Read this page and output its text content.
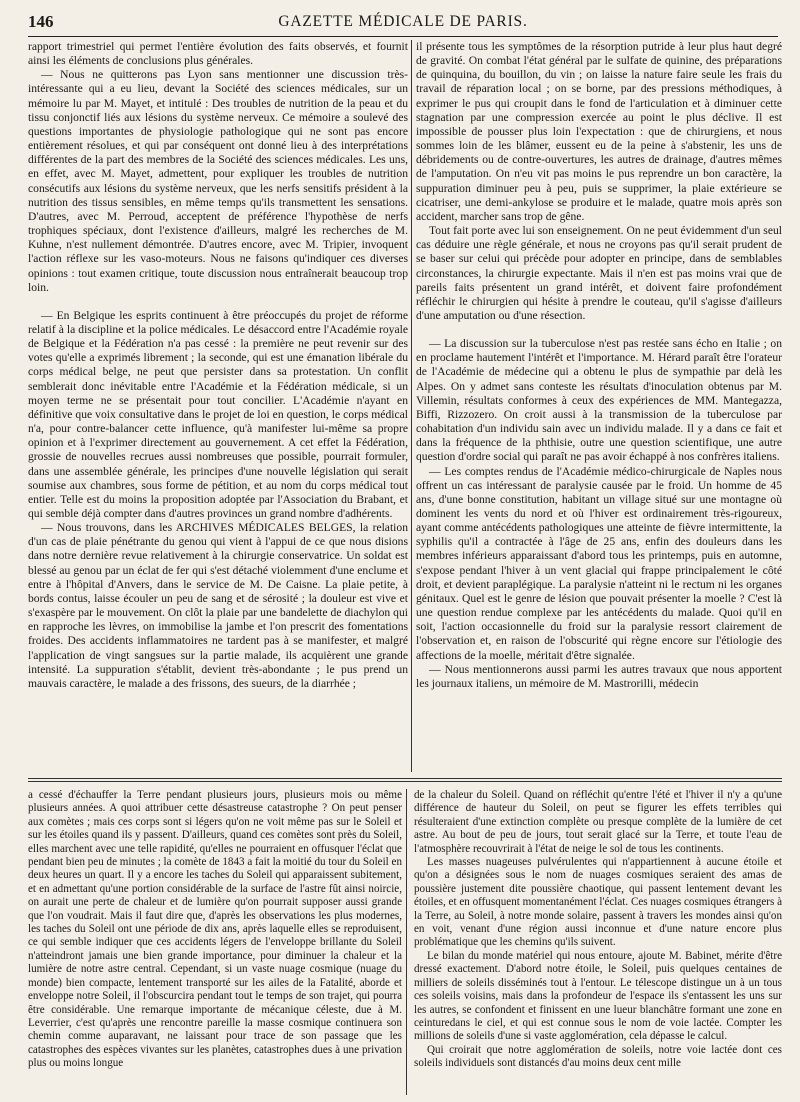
146	GAZETTE MÉDICALE DE PARIS.

rapport trimestriel qui permet l'entière évolution des faits observés, et fournit ainsi les éléments de conclusions plus générales.

— Nous ne quitterons pas Lyon sans mentionner une discussion très-intéressante qui a eu lieu, devant la Société des sciences médicales, sur un mémoire lu par M. Mayet, et intitulé : Des troubles de nutrition de la peau et du tissu conjonctif liés aux lésions du système nerveux. Ce mémoire a soulevé des questions importantes de physiologie pathologique qui ne sont pas encore entièrement résolues, et qui par conséquent ont donné lieu à des interprétations différentes de la part des membres de la Société des sciences médicales. Les uns, en effet, avec M. Mayet, admettent, pour expliquer les troubles de nutrition consécutifs aux lésions du système nerveux, que les nerfs sensitifs président à la nutrition des tissus sensibles, en même temps qu'ils transmettent les sensations. D'autres, avec M. Perroud, acceptent de préférence l'hypothèse de nerfs trophiques spéciaux, dont l'existence d'ailleurs, malgré les recherches de M. Kuhne, n'est nullement démontrée. D'autres encore, avec M. Tripier, invoquent l'action réflexe sur les vaso-moteurs. Nous ne faisons qu'indiquer ces diverses opinions : tout examen critique, toute discussion nous entraînerait beaucoup trop loin.

— En Belgique les esprits continuent à être préoccupés du projet de réforme relatif à la discipline et la police médicales. Le désaccord entre l'Académie royale de Belgique et la Fédération n'a pas cessé : la première ne peut revenir sur des votes qu'elle a exprimés librement ; la seconde, qui est une émanation libérale du corps médical belge, ne peut que persister dans sa protestation. Un conflit semblerait donc inévitable entre l'Académie et la Fédération médicale, si un moyen terme ne se présentait pour tout concilier. L'Académie n'ayant en définitive que voix consultative dans le projet de loi en question, le corps médical n'a, pour contre-balancer cette influence, qu'à manifester lui-même sa propre opinion et à l'exprimer directement au gouvernement. A cet effet la Fédération, grossie de nouvelles recrues aussi nombreuses que possible, pourrait formuler, dans une assemblée générale, les principes d'une nouvelle législation qui serait soumise aux chambres, sous forme de pétition, et au nom du corps médical tout entier. Telle est du moins la proposition adoptée par l'Association du Brabant, et qui semble déjà compter dans d'autres provinces un grand nombre d'adhérents.

— Nous trouvons, dans les ARCHIVES MÉDICALES BELGES, la relation d'un cas de plaie pénétrante du genou qui vient à l'appui de ce que nous disions dans notre dernière revue relativement à la chirurgie conservatrice. Un soldat est blessé au genou par un éclat de fer qui s'est détaché violemment d'une enclume et entre à l'hôpital d'Anvers, dans le service de M. De Caisne. La plaie petite, à bords contus, laisse écouler un peu de sang et de sérosité ; la douleur est vive et s'exaspère par le mouvement. On clôt la plaie par une bandelette de diachylon qui en rapproche les lèvres, on immobilise la jambe et l'on prescrit des fomentations froides. Des accidents inflammatoires ne tardent pas à se manifester, et malgré l'application de vingt sangsues sur la partie malade, ils acquièrent une grande intensité. La suppuration s'établit, devient très-abondante ; le pus prend un mauvais caractère, le malade a des frissons, des sueurs, de la diarrhée ;

il présente tous les symptômes de la résorption putride à leur plus haut degré de gravité. On combat l'état général par le sulfate de quinine, des préparations de quinquina, du bouillon, du vin ; on laisse la nature faire seule les frais du travail de réparation local ; on se borne, par des pressions méthodiques, à exprimer le pus qui croupit dans le fond de l'articulation et à diminuer cette stagnation par une compression exercée au point le plus déclive. Il est impossible de pousser plus loin l'expectation : que de chirurgiens, et nous sommes loin de les blâmer, eussent eu de la peine à s'abstenir, les uns de débridements ou de contre-ouvertures, les autres de drainage, d'autres mêmes de l'amputation. On n'eu vit pas moins le pus reprendre un bon caractère, la suppuration diminuer peu à peu, puis se supprimer, la plaie extérieure se cicatriser, une demi-ankylose se produire et le malade, quatre mois après son accident, marcher sans trop de gêne.

Tout fait porte avec lui son enseignement. On ne peut évidemment d'un seul cas déduire une règle générale, et nous ne croyons pas qu'il serait prudent de se baser sur celui qui précède pour adopter en principe, dans de semblables circonstances, la chirurgie expectante. Mais il n'en est pas moins vrai que de pareils faits présentent un grand intérêt, et doivent faire profondément réfléchir le chirurgien qui hésite à prendre le couteau, qu'il s'agisse d'ailleurs d'une amputation ou d'une résection.

— La discussion sur la tuberculose n'est pas restée sans écho en Italie ; on en proclame hautement l'intérêt et l'importance. M. Hérard paraît être l'orateur de l'Académie de médecine qui a obtenu le plus de sympathie par delà les Alpes. On y admet sans conteste les résultats d'inoculation obtenus par M. Villemin, résultats conformes à ceux des expériences de MM. Mantegazza, Biffi, Rizzozero. On croit aussi à la transmission de la tuberculose par cohabitation d'un individu sain avec un individu malade. Il y a dans ce fait et dans la fréquence de la phthisie, outre une question scientifique, une autre question d'ordre social qui paraît ne pas avoir échappé à nos confrères italiens.

— Les comptes rendus de l'Académie médico-chirurgicale de Naples nous offrent un cas intéressant de paralysie causée par le froid. Un homme de 45 ans, d'une bonne constitution, habitant un village situé sur une montagne où dominent les vents du nord et où l'hiver est ordinairement très-rigoureux, ayant comme antécédents pathologiques une atteinte de fièvre intermittente, la syphilis qu'il a contractée à l'âge de 25 ans, enfin des douleurs dans les membres inférieurs apparaissant d'abord tous les printemps, puis en automne, s'expose pendant l'hiver à un vent glacial qui frappe principalement le côté droit, et devient paraplégique. La paralysie n'atteint ni le rectum ni les organes génitaux. Quel est le genre de lésion que pouvait présenter la moelle ? C'est là une question rendue complexe par les antécédents du malade. Quoi qu'il en soit, l'action occasionnelle du froid sur la paralysie ressort clairement de l'observation et, en raison de l'obscurité qui règne encore sur l'étiologie des affections de la moelle, méritait d'être signalée.

— Nous mentionnerons aussi parmi les autres travaux que nous apportent les journaux italiens, un mémoire de M. Mastrorilli, médecin

a cessé d'échauffer la Terre pendant plusieurs jours, plusieurs mois ou même plusieurs années. A quoi attribuer cette désastreuse catastrophe ? On peut penser aux comètes ; mais ces corps sont si légers qu'on ne voit même pas sur le Soleil et sur les étoiles quand ils y passent. D'ailleurs, quand ces comètes sont près du Soleil, elles marchent avec une telle rapidité, qu'elles ne pourraient en offusquer l'éclat que pendant bien peu de minutes ; la comète de 1843 a fait la moitié du tour du Soleil en deux heures un quart. Il y a encore les taches du Soleil qui apparaissent subitement, et en admettant qu'une portion considérable de la surface de l'astre fût ainsi noircie, on aurait une perte de chaleur et de lumière qu'on pourrait supposer aussi grande que l'on voudrait. Mais il faut dire que, d'après les observations les plus modernes, les taches du Soleil ont une période de dix ans, après laquelle elles se reproduisent, ce qui semble indiquer que ces accidents légers de l'enveloppe brillante du Soleil n'atteindront jamais une bien grande importance, pour diminuer la chaleur et la lumière de notre astre central. Cependant, si un vaste nuage cosmique (nuage du monde) bien compacte, lentement transporté sur les ailes de la Fatalité, aborde et enveloppe notre Soleil, il l'obscurcira pendant tout le temps de son trajet, qui pourra être considérable. Une remarque importante de mécanique céleste, due à M. Leverrier, c'est qu'après une rencontre pareille la masse cosmique continuera son chemin comme auparavant, ne laissant pour trace de son passage que les catastrophes des espèces vivantes sur les planètes, catastrophes dues à une privation plus ou moins longue

de la chaleur du Soleil. Quand on réfléchit qu'entre l'été et l'hiver il n'y a qu'une différence de hauteur du Soleil, on peut se figurer les effets terribles qui résulteraient d'une extinction complète ou presque complète de la lumière de cet astre. Au bout de peu de jours, tout serait glacé sur la Terre, et toute l'eau de l'atmosphère recouvrirait à l'état de neige le sol de tous les continents.

Les masses nuageuses pulvérulentes qui n'appartiennent à aucune étoile et qu'on a désignées sous le nom de nuages cosmiques seraient des amas de poussière justement dite poussière chaotique, qui passent lentement devant les étoiles, et en offusquent momentanément l'éclat. Ces nuages cosmiques étrangers à la Terre, au Soleil, à notre monde solaire, passent à travers les mondes ainsi qu'on en voit, venant d'une région aussi inconnue et d'une nature encore plus problématique que les chemins qu'ils suivent.

Le bilan du monde matériel qui nous entoure, ajoute M. Babinet, mérite d'être dressé exactement. D'abord notre étoile, le Soleil, puis quelques centaines de milliers de soleils disséminés tout à l'entour. Le télescope distingue un à un tous ces soleils voisins, mais dans la profondeur de l'espace ils s'entassent les uns sur les autres, se confondent et finissent en une lueur blanchâtre formant une zone en ceinturedans le ciel, et qui est connue sous le nom de voie lactée. Compter les millions de soleils d'une si vaste agglomération, cela dépasse le calcul.

Qui croirait que notre agglomération de soleils, notre voie lactée dont ces soleils individuels sont distancés d'au moins deux cent mille
